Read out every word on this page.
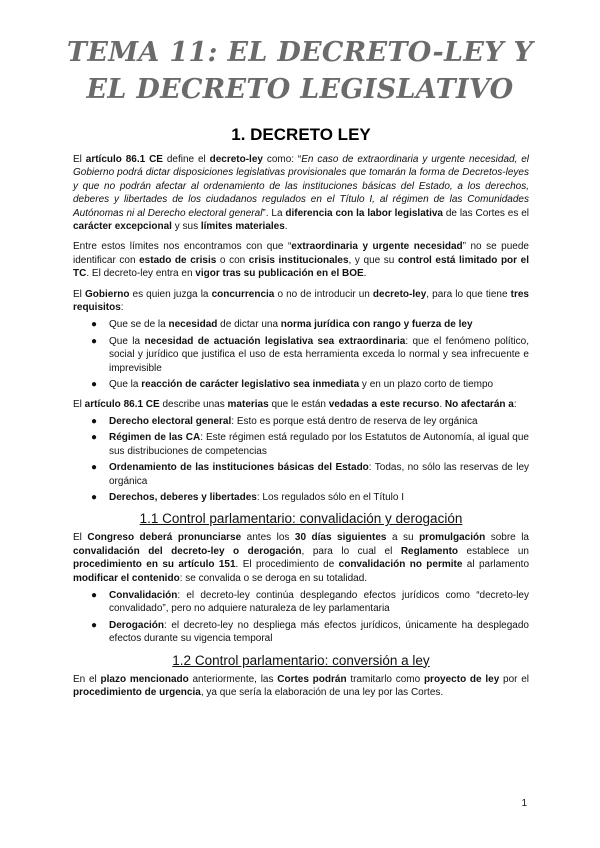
TEMA 11: EL DECRETO-LEY Y
EL DECRETO LEGISLATIVO
1. DECRETO LEY

El artículo 86.1 CE define el decreto-ley como: “En caso de extraordinaria y urgente necesidad, el Gobierno podrá dictar disposiciones legislativas provisionales que tomarán la forma de Decretos-leyes y que no podrán afectar al ordenamiento de las instituciones básicas del Estado, a los derechos, deberes y libertades de los ciudadanos regulados en el Título I, al régimen de las Comunidades Autónomas ni al Derecho electoral general”. La diferencia con la labor legislativa de las Cortes es el carácter excepcional y sus límites materiales.

Entre estos límites nos encontramos con que “extraordinaria y urgente necesidad” no se puede identificar con estado de crisis o con crisis institucionales, y que su control está limitado por el TC. El decreto-ley entra en vigor tras su publicación en el BOE.

El Gobierno es quien juzga la concurrencia o no de introducir un decreto-ley, para lo que tiene tres requisitos:

● Que se de la necesidad de dictar una norma jurídica con rango y fuerza de ley
● Que la necesidad de actuación legislativa sea extraordinaria: que el fenómeno político, social y jurídico que justifica el uso de esta herramienta exceda lo normal y sea infrecuente e imprevisible
● Que la reacción de carácter legislativo sea inmediata y en un plazo corto de tiempo

El artículo 86.1 CE describe unas materias que le están vedadas a este recurso. No afectarán a:

● Derecho electoral general: Esto es porque está dentro de reserva de ley orgánica
● Régimen de las CA: Este régimen está regulado por los Estatutos de Autonomía, al igual que sus distribuciones de competencias
● Ordenamiento de las instituciones básicas del Estado: Todas, no sólo las reservas de ley orgánica
● Derechos, deberes y libertades: Los regulados sólo en el Título I
1.1 Control parlamentario: convalidación y derogación

El Congreso deberá pronunciarse antes los 30 días siguientes a su promulgación sobre la convalidación del decreto-ley o derogación, para lo cual el Reglamento establece un procedimiento en su artículo 151. El procedimiento de convalidación no permite al parlamento modificar el contenido: se convalida o se deroga en su totalidad.

● Convalidación: el decreto-ley continúa desplegando efectos jurídicos como “decreto-ley convalidado”, pero no adquiere naturaleza de ley parlamentaria
● Derogación: el decreto-ley no despliega más efectos jurídicos, únicamente ha desplegado efectos durante su vigencia temporal
1.2 Control parlamentario: conversión a ley

En el plazo mencionado anteriormente, las Cortes podrán tramitarlo como proyecto de ley por el procedimiento de urgencia, ya que sería la elaboración de una ley por las Cortes.

1
